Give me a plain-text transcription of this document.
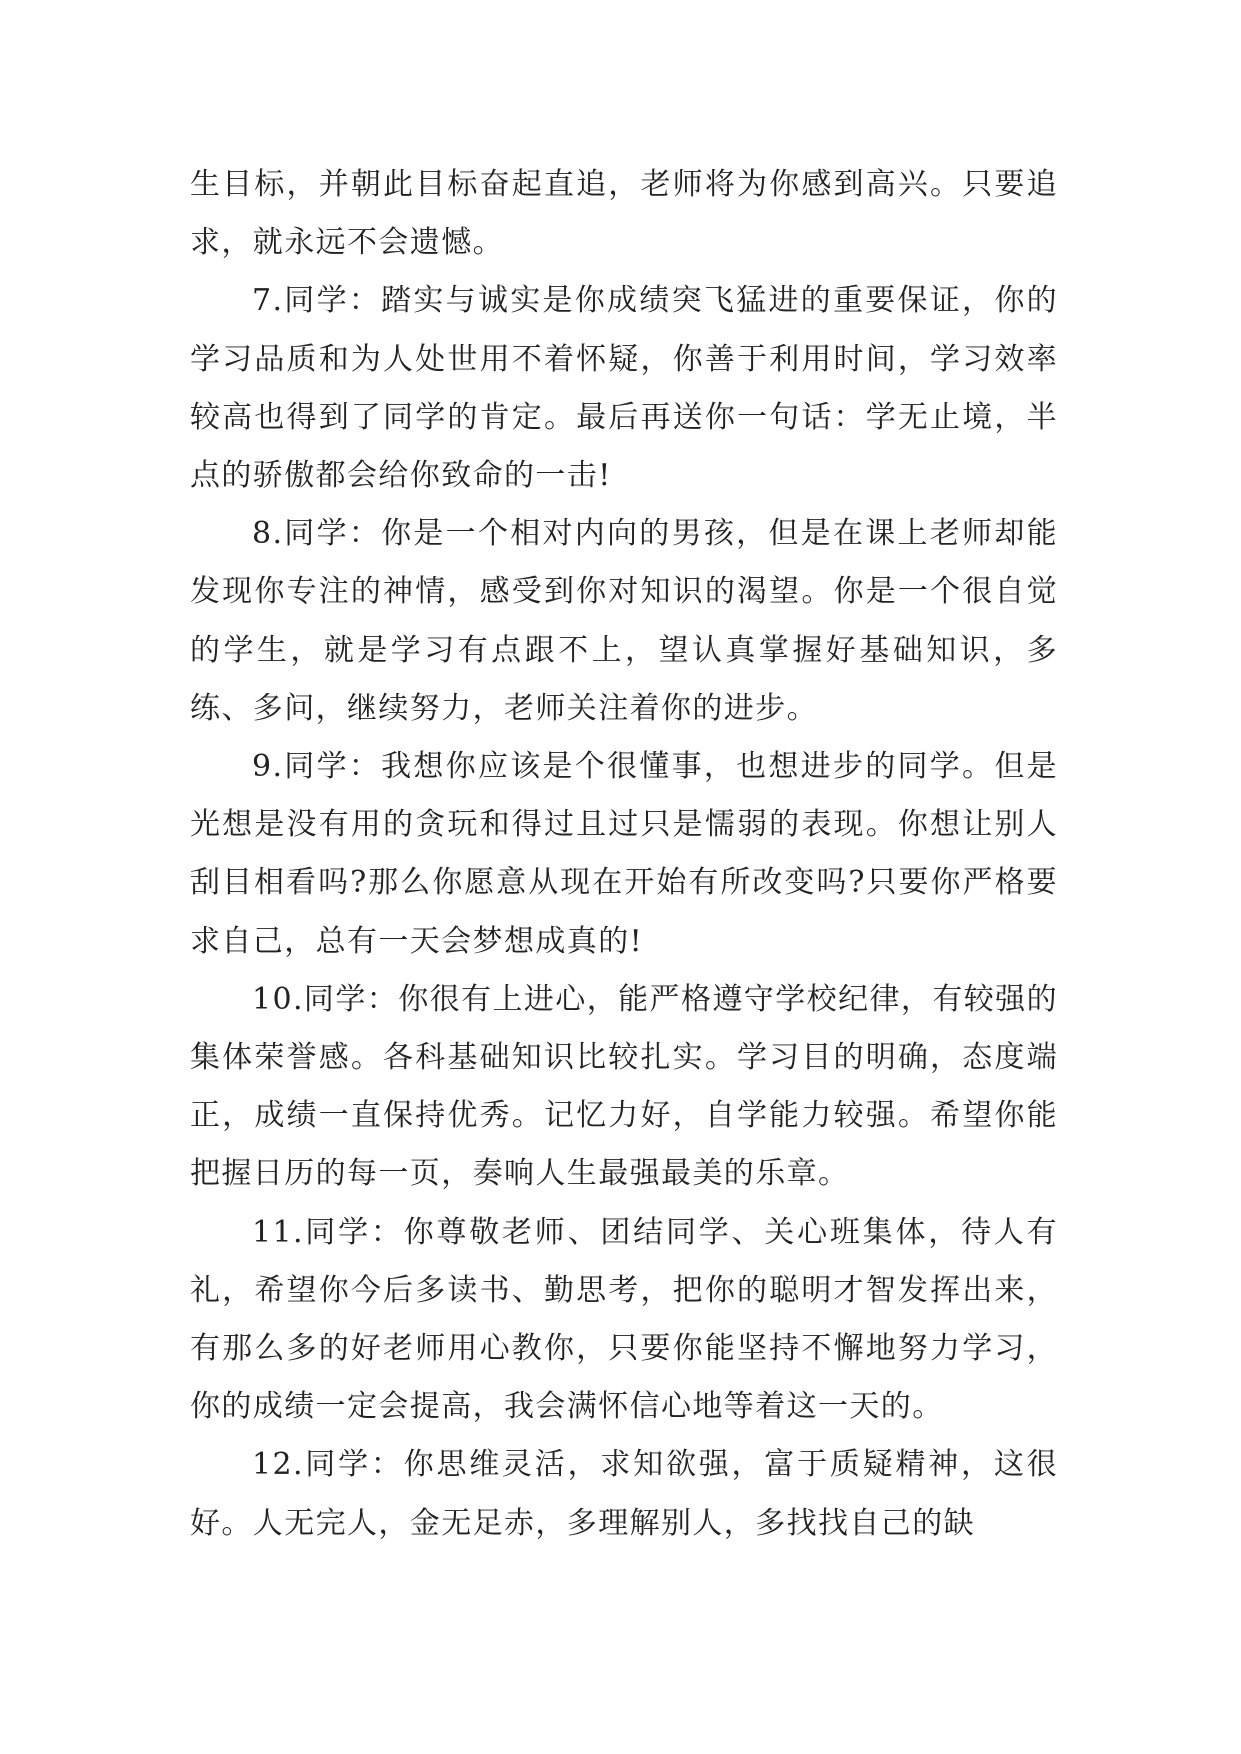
生目标，并朝此目标奋起直追，老师将为你感到高兴。只要追求，就永远不会遗憾。

7.同学：踏实与诚实是你成绩突飞猛进的重要保证，你的学习品质和为人处世用不着怀疑，你善于利用时间，学习效率较高也得到了同学的肯定。最后再送你一句话：学无止境，半点的骄傲都会给你致命的一击!

8.同学：你是一个相对内向的男孩，但是在课上老师却能发现你专注的神情，感受到你对知识的渴望。你是一个很自觉的学生，就是学习有点跟不上，望认真掌握好基础知识，多练、多问，继续努力，老师关注着你的进步。

9.同学：我想你应该是个很懂事，也想进步的同学。但是光想是没有用的贪玩和得过且过只是懦弱的表现。你想让别人刮目相看吗?那么你愿意从现在开始有所改变吗?只要你严格要求自己，总有一天会梦想成真的!

10.同学：你很有上进心，能严格遵守学校纪律，有较强的集体荣誉感。各科基础知识比较扎实。学习目的明确，态度端正，成绩一直保持优秀。记忆力好，自学能力较强。希望你能把握日历的每一页，奏响人生最强最美的乐章。

11.同学：你尊敬老师、团结同学、关心班集体，待人有礼，希望你今后多读书、勤思考，把你的聪明才智发挥出来，有那么多的好老师用心教你，只要你能坚持不懈地努力学习，你的成绩一定会提高，我会满怀信心地等着这一天的。

12.同学：你思维灵活，求知欲强，富于质疑精神，这很好。人无完人，金无足赤，多理解别人，多找找自己的缺
